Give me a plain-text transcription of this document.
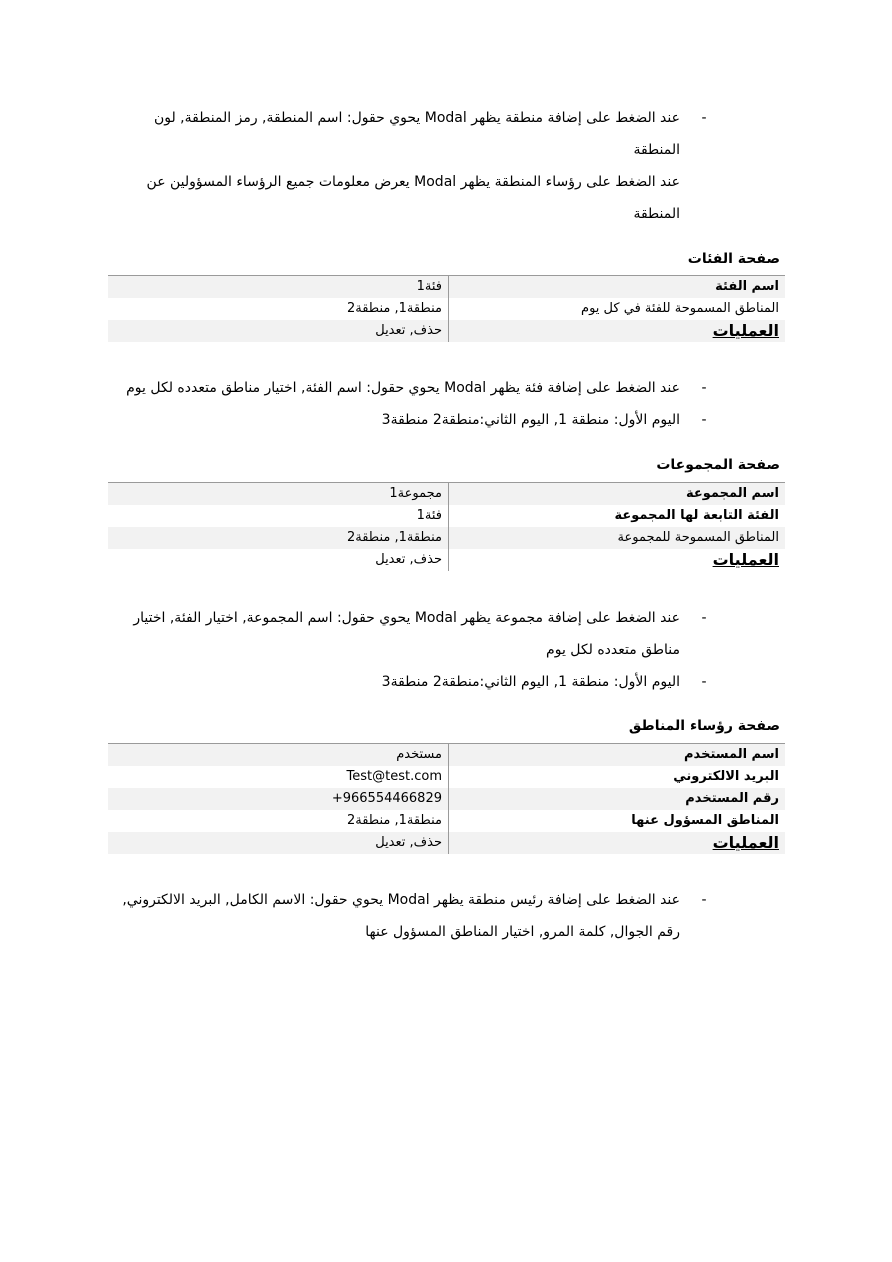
-
عند الضغط على إضافة منطقة يظهر Modal يحوي حقول: اسم المنطقة, رمز المنطقة, لون
المنطقة
عند الضغط على رؤساء المنطقة يظهر Modal يعرض معلومات جميع الرؤساء المسؤولين عن
المنطقة
صفحة الفئات
اسم الفئة	فئة1
المناطق المسموحة للفئة في كل يوم	منطقة1, منطقة2
العمليات	حذف, تعديل
-
عند الضغط على إضافة فئة يظهر Modal يحوي حقول: اسم الفئة, اختيار مناطق متعدده لكل يوم
-
اليوم الأول: منطقة 1, اليوم الثاني:منطقة2 منطقة3
صفحة المجموعات
اسم المجموعة	مجموعة1
الفئة التابعة لها المجموعة	فئة1
المناطق المسموحة للمجموعة	منطقة1, منطقة2
العمليات	حذف, تعديل
-
عند الضغط على إضافة مجموعة يظهر Modal يحوي حقول: اسم المجموعة, اختيار الفئة, اختيار
مناطق متعدده لكل يوم
-
اليوم الأول: منطقة 1, اليوم الثاني:منطقة2 منطقة3
صفحة رؤساء المناطق
اسم المستخدم	مستخدم
البريد الالكتروني	Test@test.com
رقم المستخدم	+966554466829
المناطق المسؤول عنها	منطقة1, منطقة2
العمليات	حذف, تعديل
-
عند الضغط على إضافة رئيس منطقة يظهر Modal يحوي حقول: الاسم الكامل, البريد الالكتروني,
رقم الجوال, كلمة المرو, اختيار المناطق المسؤول عنها
